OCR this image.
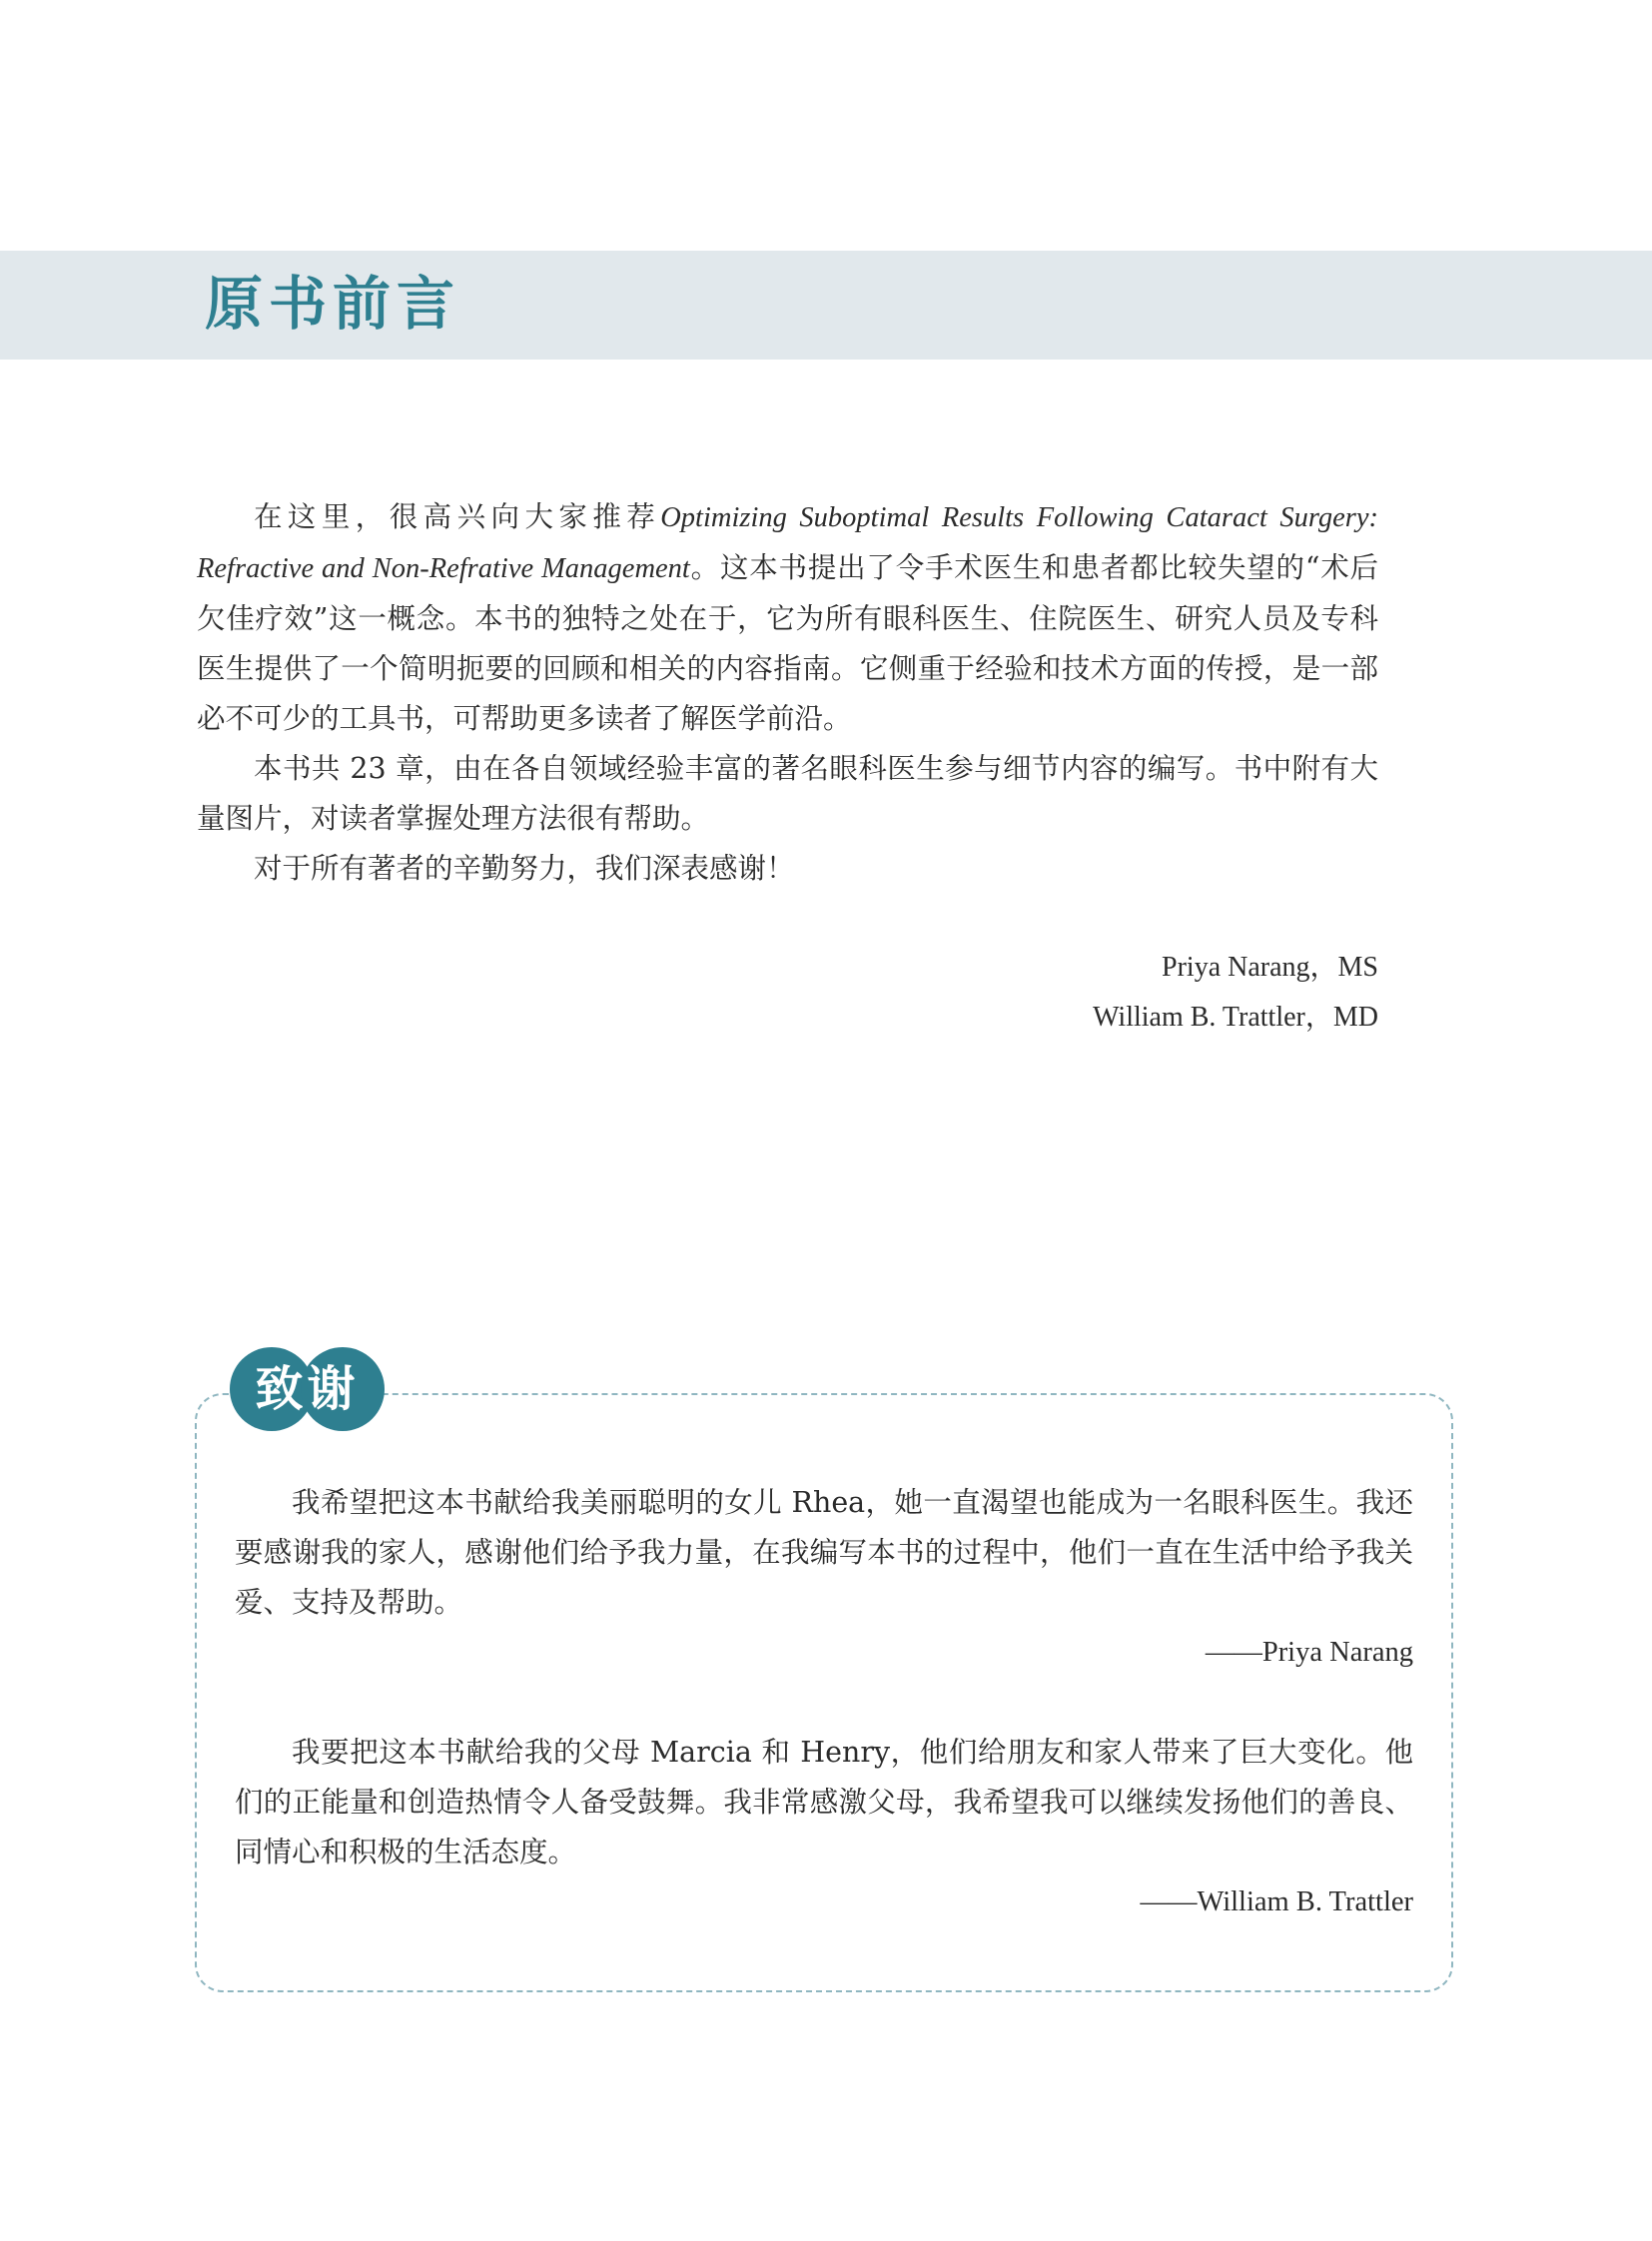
原书前言

在这里，很高兴向大家推荐Optimizing Suboptimal Results Following Cataract Surgery: Refractive and Non-Refrative Management。这本书提出了令手术医生和患者都比较失望的“术后欠佳疗效”这一概念。本书的独特之处在于，它为所有眼科医生、住院医生、研究人员及专科医生提供了一个简明扼要的回顾和相关的内容指南。它侧重于经验和技术方面的传授，是一部必不可少的工具书，可帮助更多读者了解医学前沿。

本书共 23 章，由在各自领域经验丰富的著名眼科医生参与细节内容的编写。书中附有大量图片，对读者掌握处理方法很有帮助。

对于所有著者的辛勤努力，我们深表感谢！

Priya Narang，MS
William B. Trattler，MD
致谢

我希望把这本书献给我美丽聪明的女儿 Rhea，她一直渴望也能成为一名眼科医生。我还要感谢我的家人，感谢他们给予我力量，在我编写本书的过程中，他们一直在生活中给予我关爱、支持及帮助。

——Priya Narang

我要把这本书献给我的父母 Marcia 和 Henry，他们给朋友和家人带来了巨大变化。他们的正能量和创造热情令人备受鼓舞。我非常感激父母，我希望我可以继续发扬他们的善良、同情心和积极的生活态度。

——William B. Trattler
